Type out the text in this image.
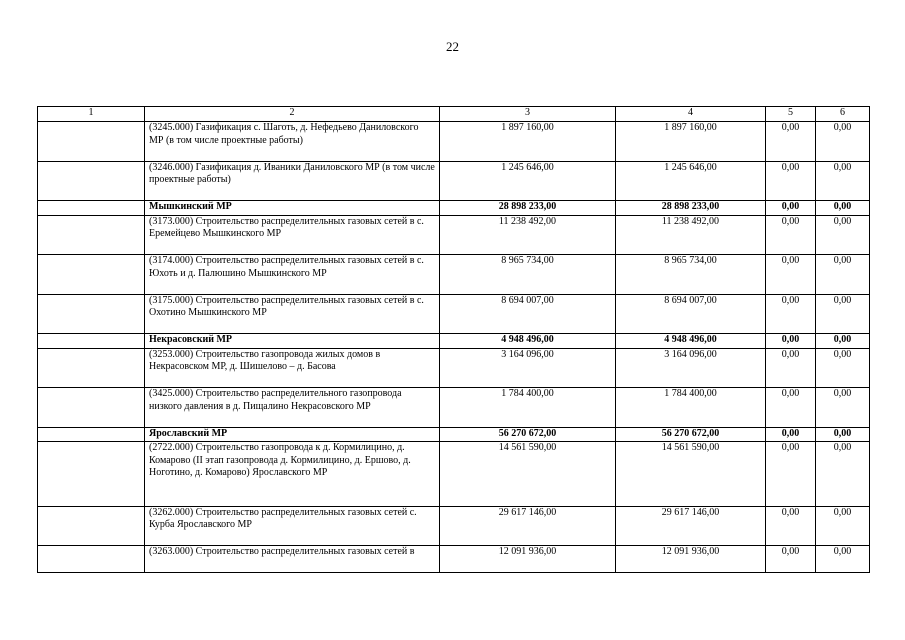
22
1	2	3	4	5	6
	(3245.000) Газификация с. Шаготь, д. Нефедьево Даниловского МР (в том числе проектные работы)	1 897 160,00	1 897 160,00	0,00	0,00
	(3246.000) Газификация д. Иваники Даниловского МР (в том числе проектные работы)	1 245 646,00	1 245 646,00	0,00	0,00
	Мышкинский МР	28 898 233,00	28 898 233,00	0,00	0,00
	(3173.000) Строительство распределительных газовых сетей в с. Еремейцево Мышкинского МР	11 238 492,00	11 238 492,00	0,00	0,00
	(3174.000) Строительство распределительных газовых сетей в с. Юхоть и д. Палюшино Мышкинского МР	8 965 734,00	8 965 734,00	0,00	0,00
	(3175.000) Строительство распределительных газовых сетей в с. Охотино Мышкинского МР	8 694 007,00	8 694 007,00	0,00	0,00
	Некрасовский МР	4 948 496,00	4 948 496,00	0,00	0,00
	(3253.000) Строительство газопровода жилых домов в Некрасовском МР, д. Шишелово – д. Басова	3 164 096,00	3 164 096,00	0,00	0,00
	(3425.000) Строительство распределительного газопровода низкого давления в д. Пищалино Некрасовского МР	1 784 400,00	1 784 400,00	0,00	0,00
	Ярославский МР	56 270 672,00	56 270 672,00	0,00	0,00
	(2722.000) Строительство газопровода к д. Кормилицино, д. Комарово (II этап газопровода д. Кормилицино, д. Ершово, д. Ноготино, д. Комарово) Ярославского МР	14 561 590,00	14 561 590,00	0,00	0,00
	(3262.000) Строительство распределительных газовых сетей с. Курба Ярославского МР	29 617 146,00	29 617 146,00	0,00	0,00
	(3263.000) Строительство распределительных газовых сетей в	12 091 936,00	12 091 936,00	0,00	0,00
